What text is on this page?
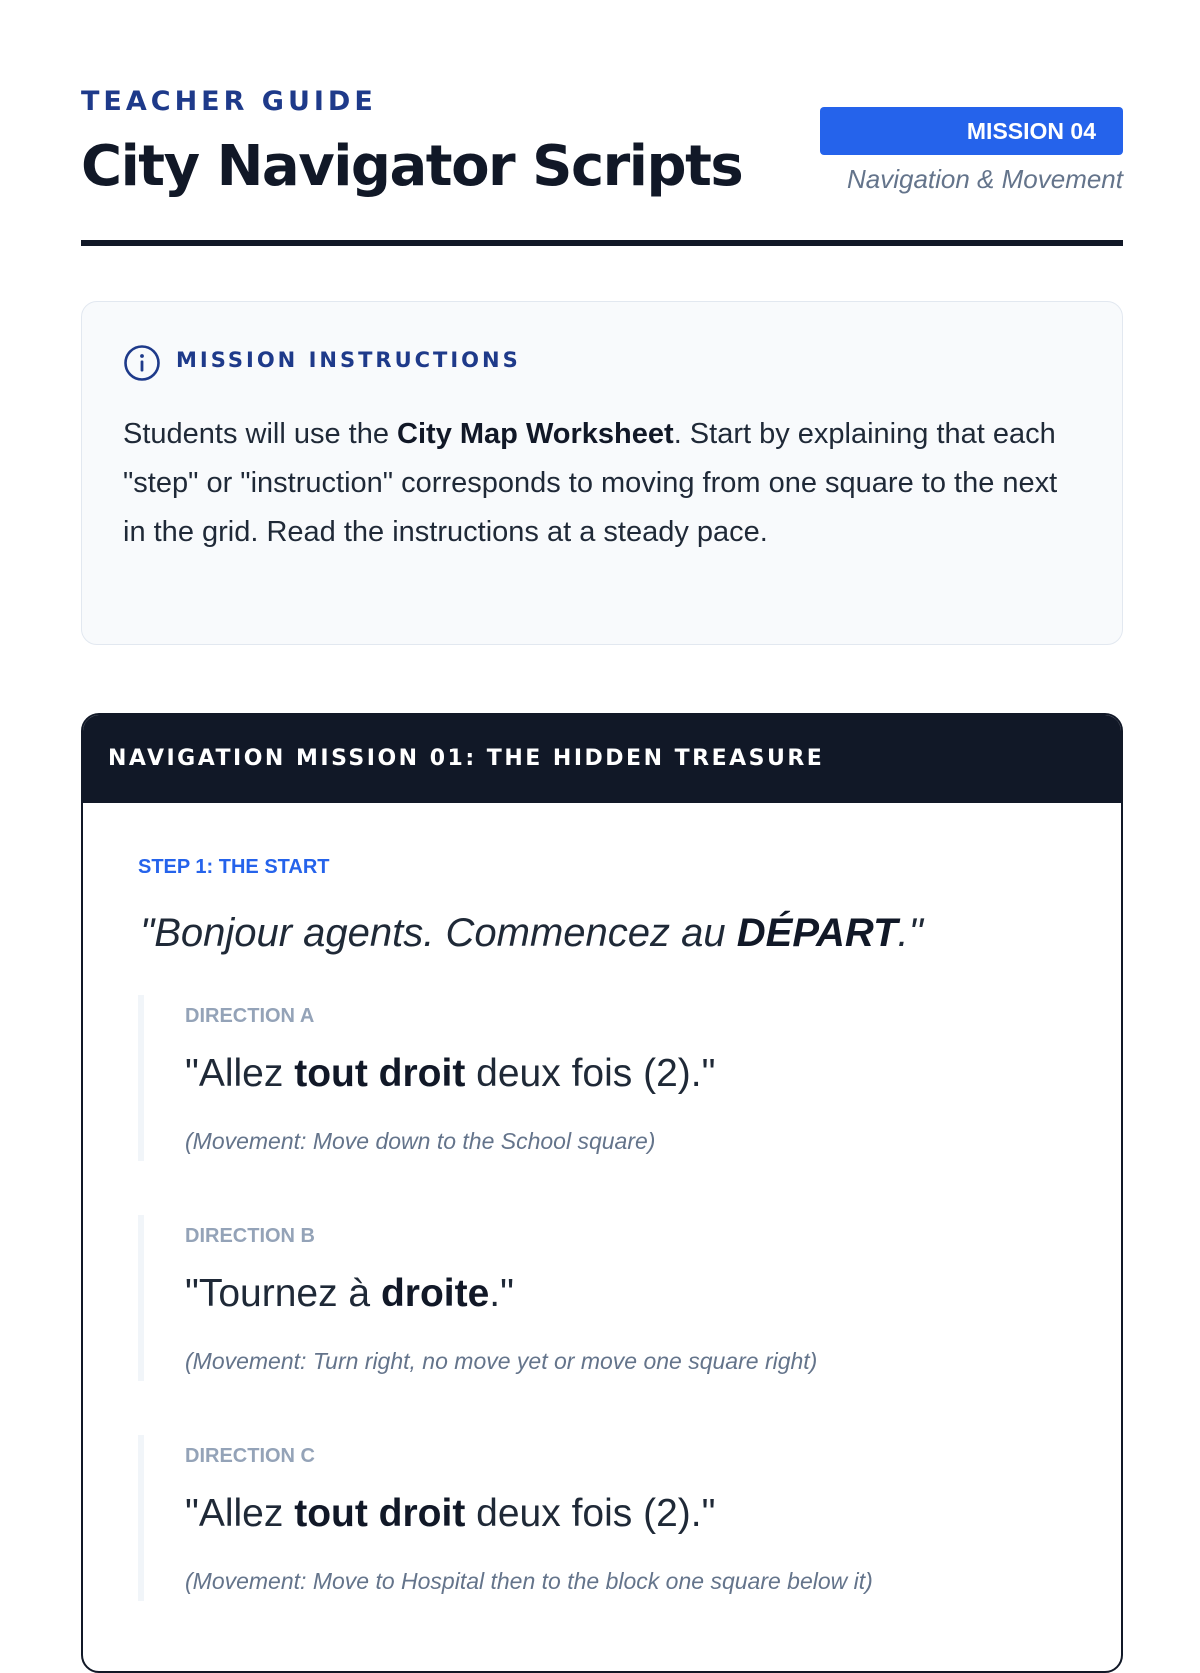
TEACHER GUIDE
City Navigator Scripts
MISSION 04
Navigation & Movement
MISSION INSTRUCTIONS
Students will use the City Map Worksheet. Start by explaining that each "step" or "instruction" corresponds to moving from one square to the next in the grid. Read the instructions at a steady pace.
NAVIGATION MISSION 01: THE HIDDEN TREASURE
STEP 1: THE START
"Bonjour agents. Commencez au DÉPART."
DIRECTION A
"Allez tout droit deux fois (2)."
(Movement: Move down to the School square)
DIRECTION B
"Tournez à droite."
(Movement: Turn right, no move yet or move one square right)
DIRECTION C
"Allez tout droit deux fois (2)."
(Movement: Move to Hospital then to the block one square below it)
